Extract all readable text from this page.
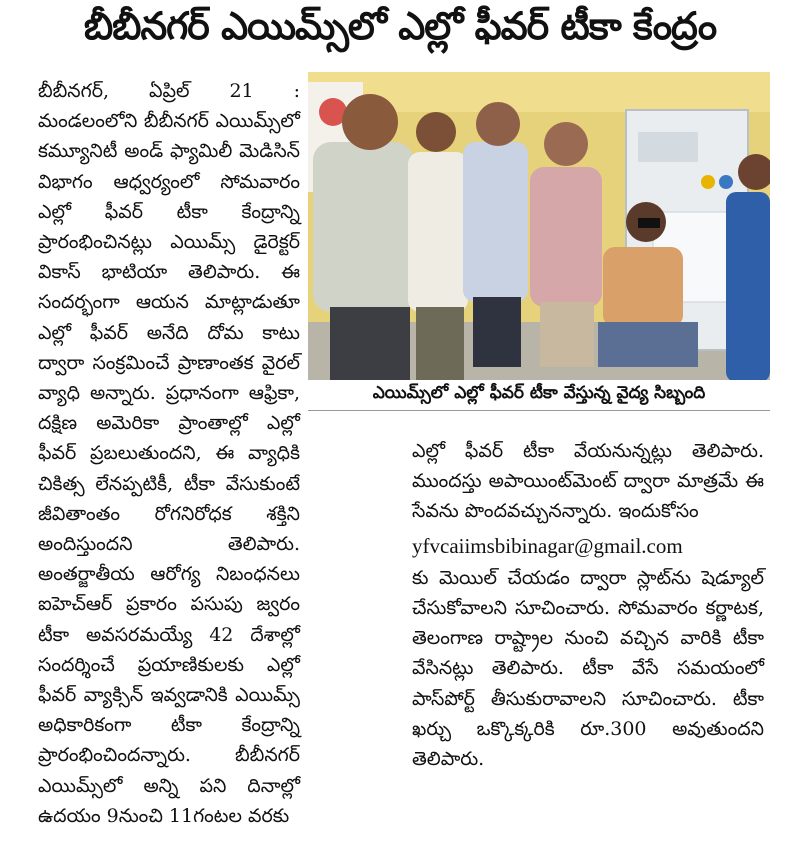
బీబీనగర్ ఎయిమ్స్‌లో ఎల్లో ఫీవర్ టీకా కేంద్రం

బీబీనగర్, ఏప్రిల్ 21 : మండలంలోని బీబీనగర్ ఎయిమ్స్‌లో కమ్యూనిటీ అండ్ ఫ్యామిలీ మెడిసిన్ విభాగం ఆధ్వర్యంలో సోమవారం ఎల్లో ఫీవర్ టీకా కేంద్రాన్ని ప్రారంభించినట్లు ఎయిమ్స్ డైరెక్టర్ వికాస్ భాటియా తెలిపారు. ఈ సందర్భంగా ఆయన మాట్లాడుతూ ఎల్లో ఫీవర్ అనేది దోమ కాటు ద్వారా సంక్రమించే ప్రాణాంతక వైరల్ వ్యాధి అన్నారు. ప్రధానంగా ఆఫ్రికా, దక్షిణ అమెరికా ప్రాంతాల్లో ఎల్లో ఫీవర్ ప్రబలుతుందని, ఈ వ్యాధికి చికిత్స లేనప్పటికీ, టీకా వేసుకుంటే జీవితాంతం రోగనిరోధక శక్తిని అందిస్తుందని తెలిపారు. అంతర్జాతీయ ఆరోగ్య నిబంధనలు ఐహెచ్ఆర్ ప్రకారం పసుపు జ్వరం టీకా అవసరమయ్యే 42 దేశాల్లో సందర్శించే ప్రయాణికులకు ఎల్లో ఫీవర్ వ్యాక్సిన్ ఇవ్వడానికి ఎయిమ్స్ అధికారికంగా టీకా కేంద్రాన్ని ప్రారంభించిందన్నారు. బీబీనగర్ ఎయిమ్స్‌లో అన్ని పని దినాల్లో ఉదయం 9నుంచి 11గంటల వరకు

ఎయిమ్స్‌లో ఎల్లో ఫీవర్ టీకా వేస్తున్న వైద్య సిబ్బంది

ఎల్లో ఫీవర్ టీకా వేయనున్నట్లు తెలిపారు. ముందస్తు అపాయింట్‌మెంట్ ద్వారా మాత్రమే ఈ సేవను పొందవచ్చునన్నారు. ఇందుకోసం

yfvcaiimsbibinagar@gmail.com

కు మెయిల్ చేయడం ద్వారా స్లాట్‌ను షెడ్యూల్ చేసుకోవాలని సూచించారు. సోమవారం కర్ణాటక, తెలంగాణ రాష్ట్రాల నుంచి వచ్చిన వారికి టీకా వేసినట్లు తెలిపారు. టీకా వేసే సమయంలో పాస్‌పోర్ట్ తీసుకురావాలని సూచించారు. టీకా ఖర్చు ఒక్కొక్కరికి రూ.300 అవుతుందని తెలిపారు.
